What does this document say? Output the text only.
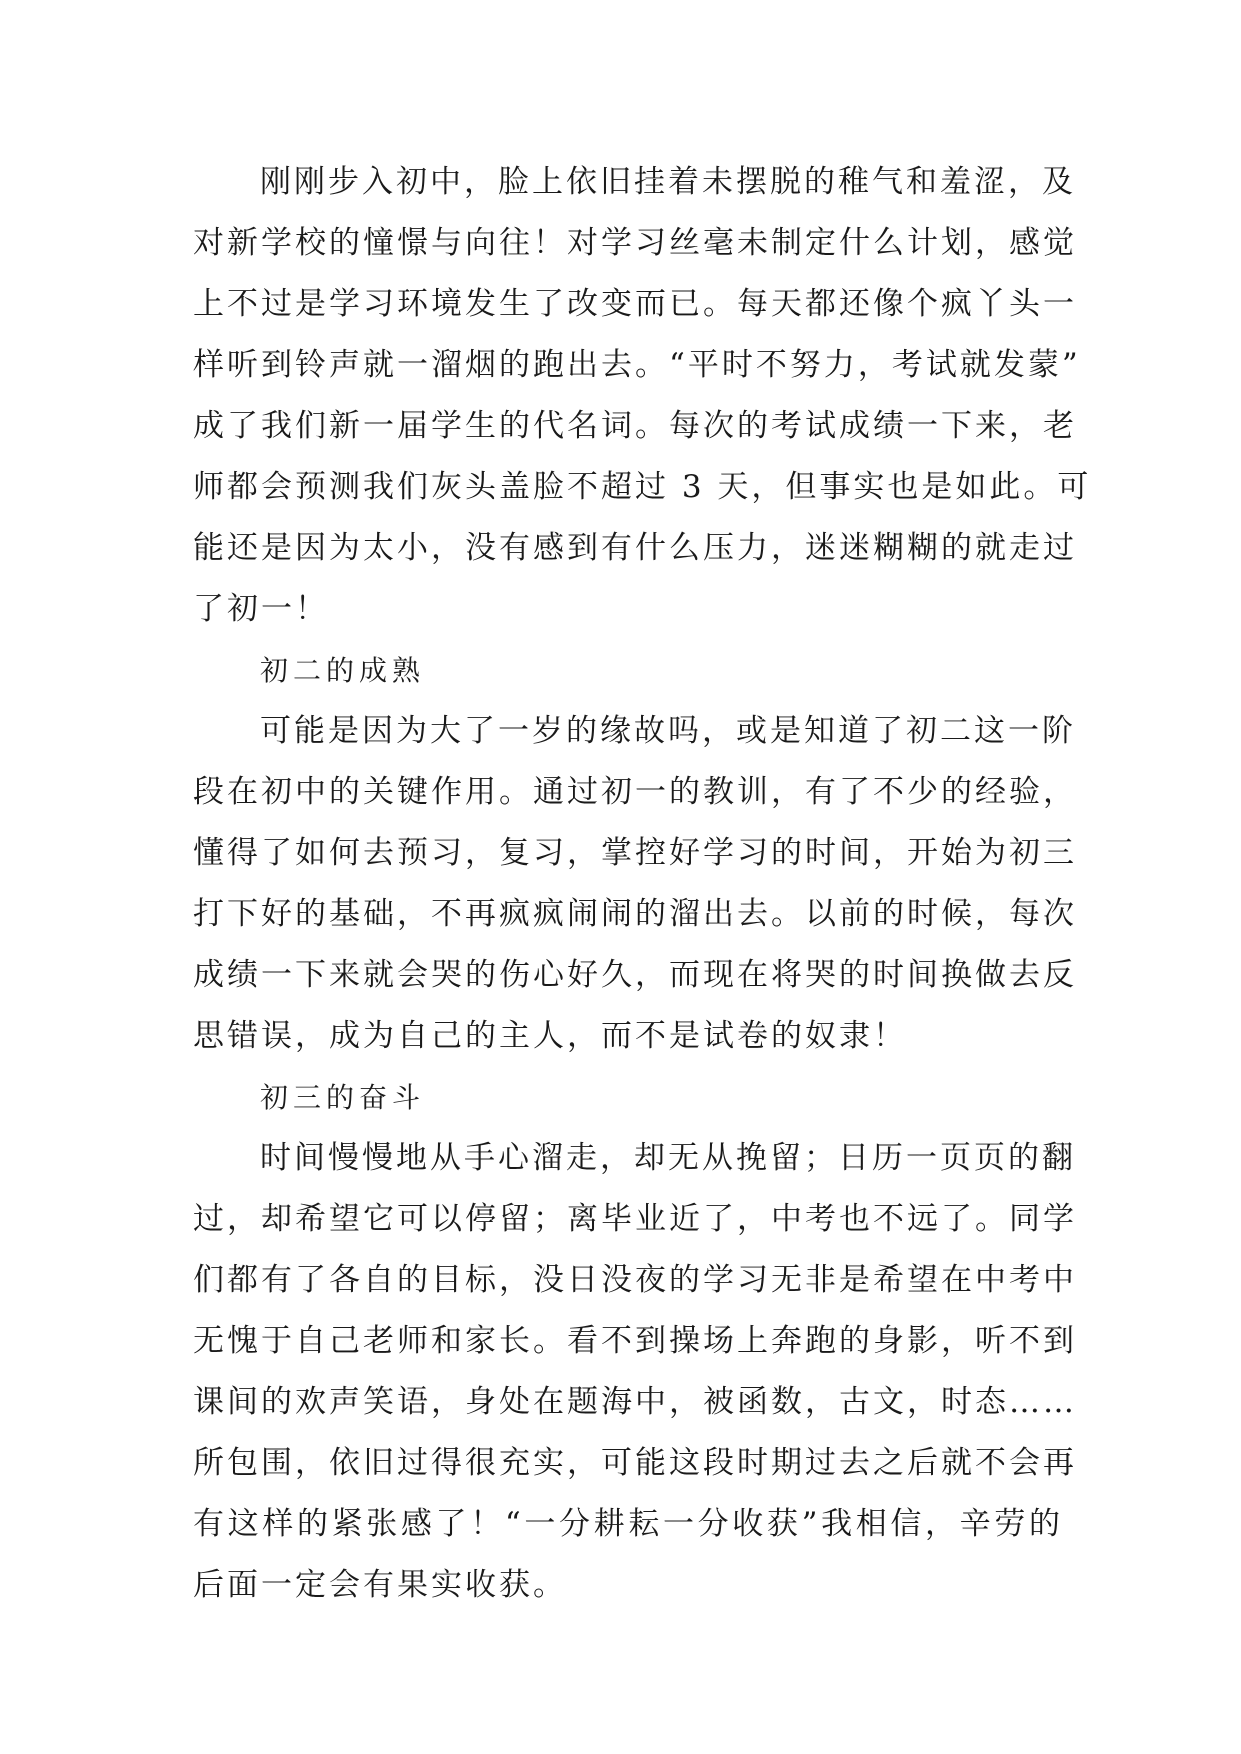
刚刚步入初中，脸上依旧挂着未摆脱的稚气和羞涩，及
对新学校的憧憬与向往！对学习丝毫未制定什么计划，感觉
上不过是学习环境发生了改变而已。每天都还像个疯丫头一
样听到铃声就一溜烟的跑出去。“平时不努力，考试就发蒙”
成了我们新一届学生的代名词。每次的考试成绩一下来，老
师都会预测我们灰头盖脸不超过 3 天，但事实也是如此。可
能还是因为太小，没有感到有什么压力，迷迷糊糊的就走过
了初一！
初二的成熟
可能是因为大了一岁的缘故吗，或是知道了初二这一阶
段在初中的关键作用。通过初一的教训，有了不少的经验，
懂得了如何去预习，复习，掌控好学习的时间，开始为初三
打下好的基础，不再疯疯闹闹的溜出去。以前的时候，每次
成绩一下来就会哭的伤心好久，而现在将哭的时间换做去反
思错误，成为自己的主人，而不是试卷的奴隶！
初三的奋斗
时间慢慢地从手心溜走，却无从挽留；日历一页页的翻
过，却希望它可以停留；离毕业近了，中考也不远了。同学
们都有了各自的目标，没日没夜的学习无非是希望在中考中
无愧于自己老师和家长。看不到操场上奔跑的身影，听不到
课间的欢声笑语，身处在题海中，被函数，古文，时态……
所包围，依旧过得很充实，可能这段时期过去之后就不会再
有这样的紧张感了！“一分耕耘一分收获”我相信，辛劳的
后面一定会有果实收获。
